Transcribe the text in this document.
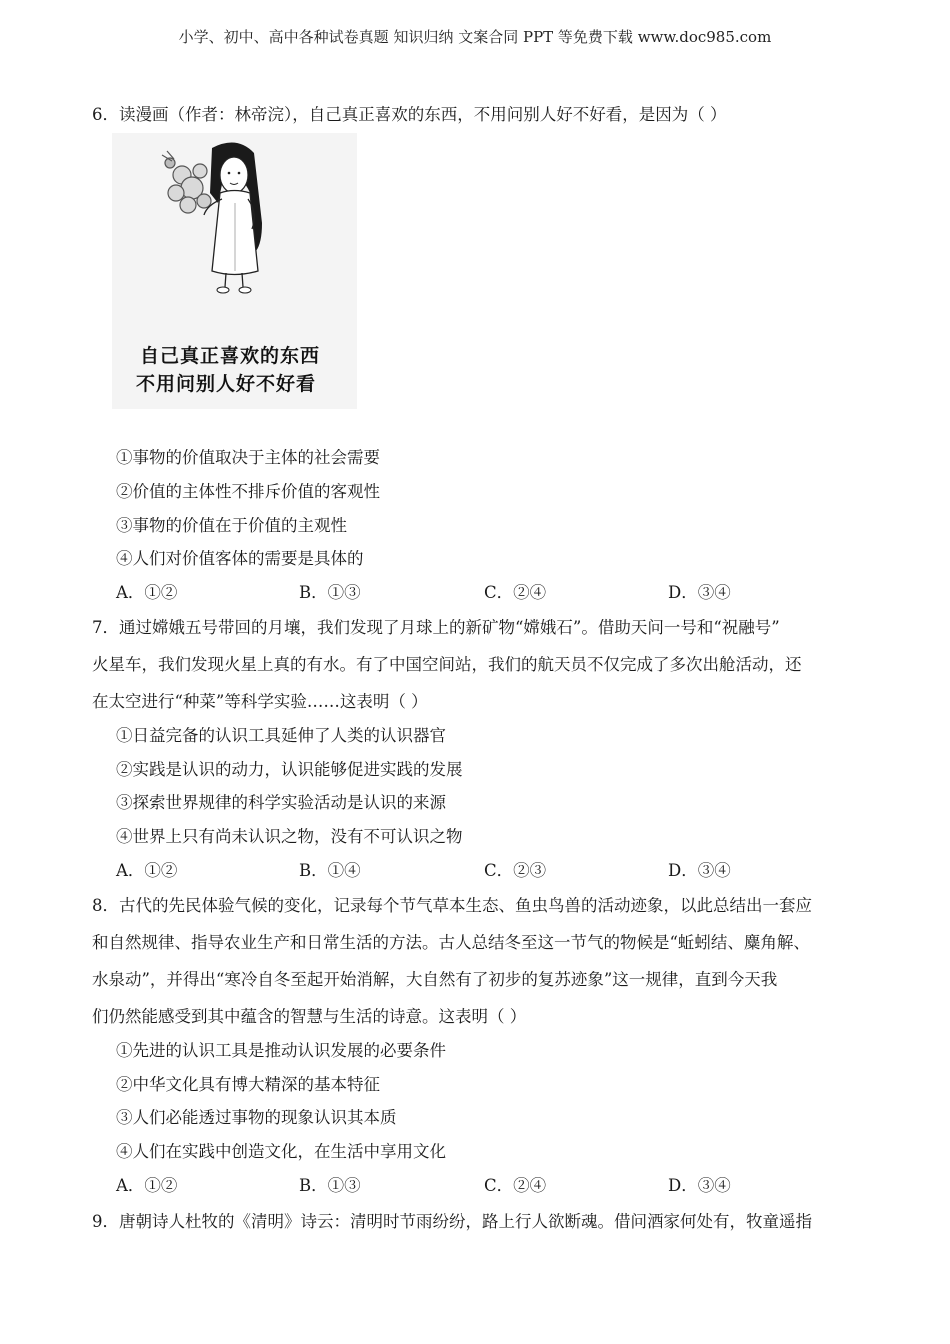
小学、初中、高中各种试卷真题 知识归纳 文案合同 PPT 等免费下载 www.doc985.com
6．读漫画（作者：林帝浣），自己真正喜欢的东西，不用问别人好不好看，是因为（ ）
自己真正喜欢的东西
不用问别人好不好看
①事物的价值取决于主体的社会需要
②价值的主体性不排斥价值的客观性
③事物的价值在于价值的主观性
④人们对价值客体的需要是具体的
A．①②	B．①③	C．②④	D．③④
7．通过嫦娥五号带回的月壤，我们发现了月球上的新矿物“嫦娥石”。借助天问一号和“祝融号”
火星车，我们发现火星上真的有水。有了中国空间站，我们的航天员不仅完成了多次出舱活动，还
在太空进行“种菜”等科学实验……这表明（ ）
①日益完备的认识工具延伸了人类的认识器官
②实践是认识的动力，认识能够促进实践的发展
③探索世界规律的科学实验活动是认识的来源
④世界上只有尚未认识之物，没有不可认识之物
A．①②	B．①④	C．②③	D．③④
8．古代的先民体验气候的变化，记录每个节气草本生态、鱼虫鸟兽的活动迹象，以此总结出一套应
和自然规律、指导农业生产和日常生活的方法。古人总结冬至这一节气的物候是“蚯蚓结、麋角解、
水泉动”，并得出“寒冷自冬至起开始消解，大自然有了初步的复苏迹象”这一规律，直到今天我
们仍然能感受到其中蕴含的智慧与生活的诗意。这表明（ ）
①先进的认识工具是推动认识发展的必要条件
②中华文化具有博大精深的基本特征
③人们必能透过事物的现象认识其本质
④人们在实践中创造文化，在生活中享用文化
A．①②	B．①③	C．②④	D．③④
9．唐朝诗人杜牧的《清明》诗云：清明时节雨纷纷，路上行人欲断魂。借问酒家何处有，牧童遥指
